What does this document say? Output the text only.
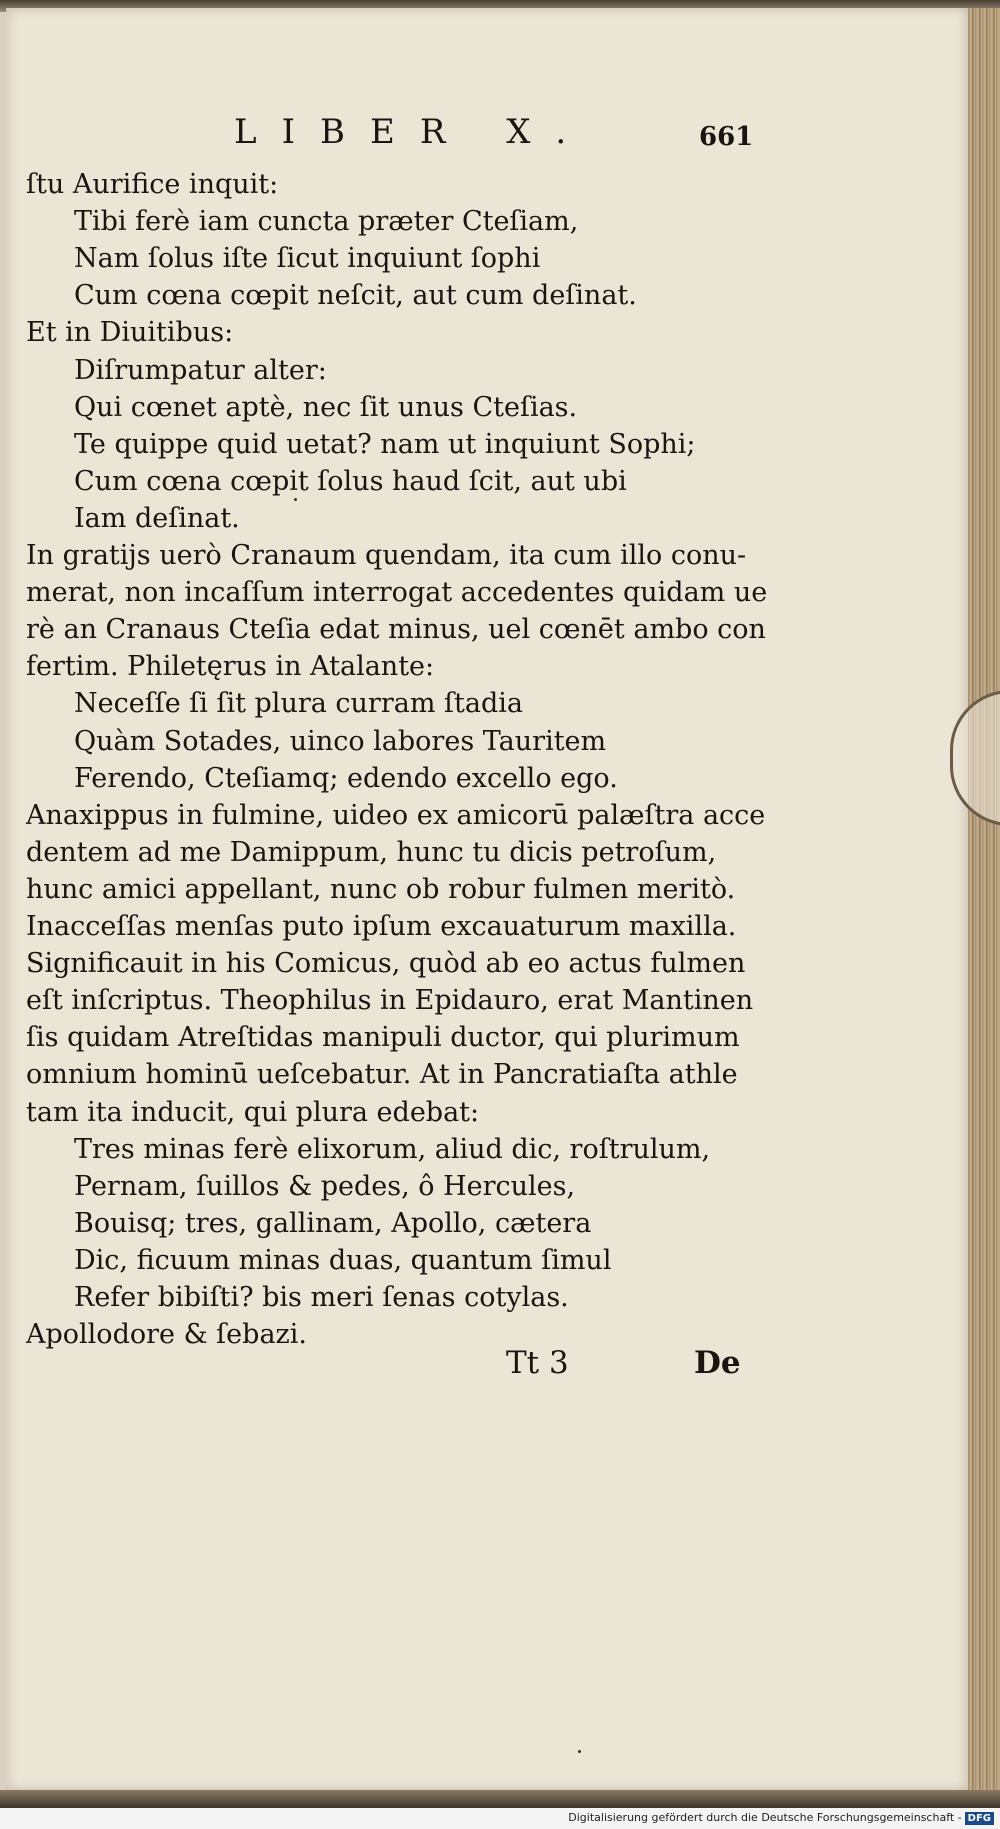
LIBER X.	661
ſtu Aurifice inquit:
Tibi ferè iam cuncta præter Cteſiam,
Nam ſolus iſte ſicut inquiunt ſophi
Cum cœna cœpit neſcit, aut cum deſinat.
Et in Diuitibus:
Diſrumpatur alter:
Qui cœnet aptè, nec ſit unus Cteſias.
Te quippe quid uetat? nam ut inquiunt Sophi;
Cum cœna cœpit ſolus haud ſcit, aut ubi
Iam deſinat.
In gratijs uerò Cranaum quendam, ita cum illo conu-
merat, non incaſſum interrogat accedentes quidam ue
rè an Cranaus Cteſia edat minus, uel cœnēt ambo con
fertim. Philetęrus in Atalante:
Neceſſe ſi ſit plura curram ſtadia
Quàm Sotades, uinco labores Tauritem
Ferendo, Cteſiamq; edendo excello ego.
Anaxippus in fulmine, uideo ex amicorū palæſtra acce
dentem ad me Damippum, hunc tu dicis petroſum,
hunc amici appellant, nunc ob robur fulmen meritò.
Inacceſſas menſas puto ipſum excauaturum maxilla.
Significauit in his Comicus, quòd ab eo actus fulmen
eſt inſcriptus. Theophilus in Epidauro, erat Mantinen
ſis quidam Atreſtidas manipuli ductor, qui plurimum
omnium hominū ueſcebatur. At in Pancratiaſta athle
tam ita inducit, qui plura edebat:
Tres minas ferè elixorum, aliud dic, roſtrulum,
Pernam, ſuillos & pedes, ô Hercules,
Bouisq; tres, gallinam, Apollo, cætera
Dic, ficuum minas duas, quantum ſimul
Refer bibiſti? bis meri ſenas cotylas.
Apollodore & ſebazi.
Tt 3	De
Digitalisierung gefördert durch die Deutsche Forschungsgemeinschaft - DFG
